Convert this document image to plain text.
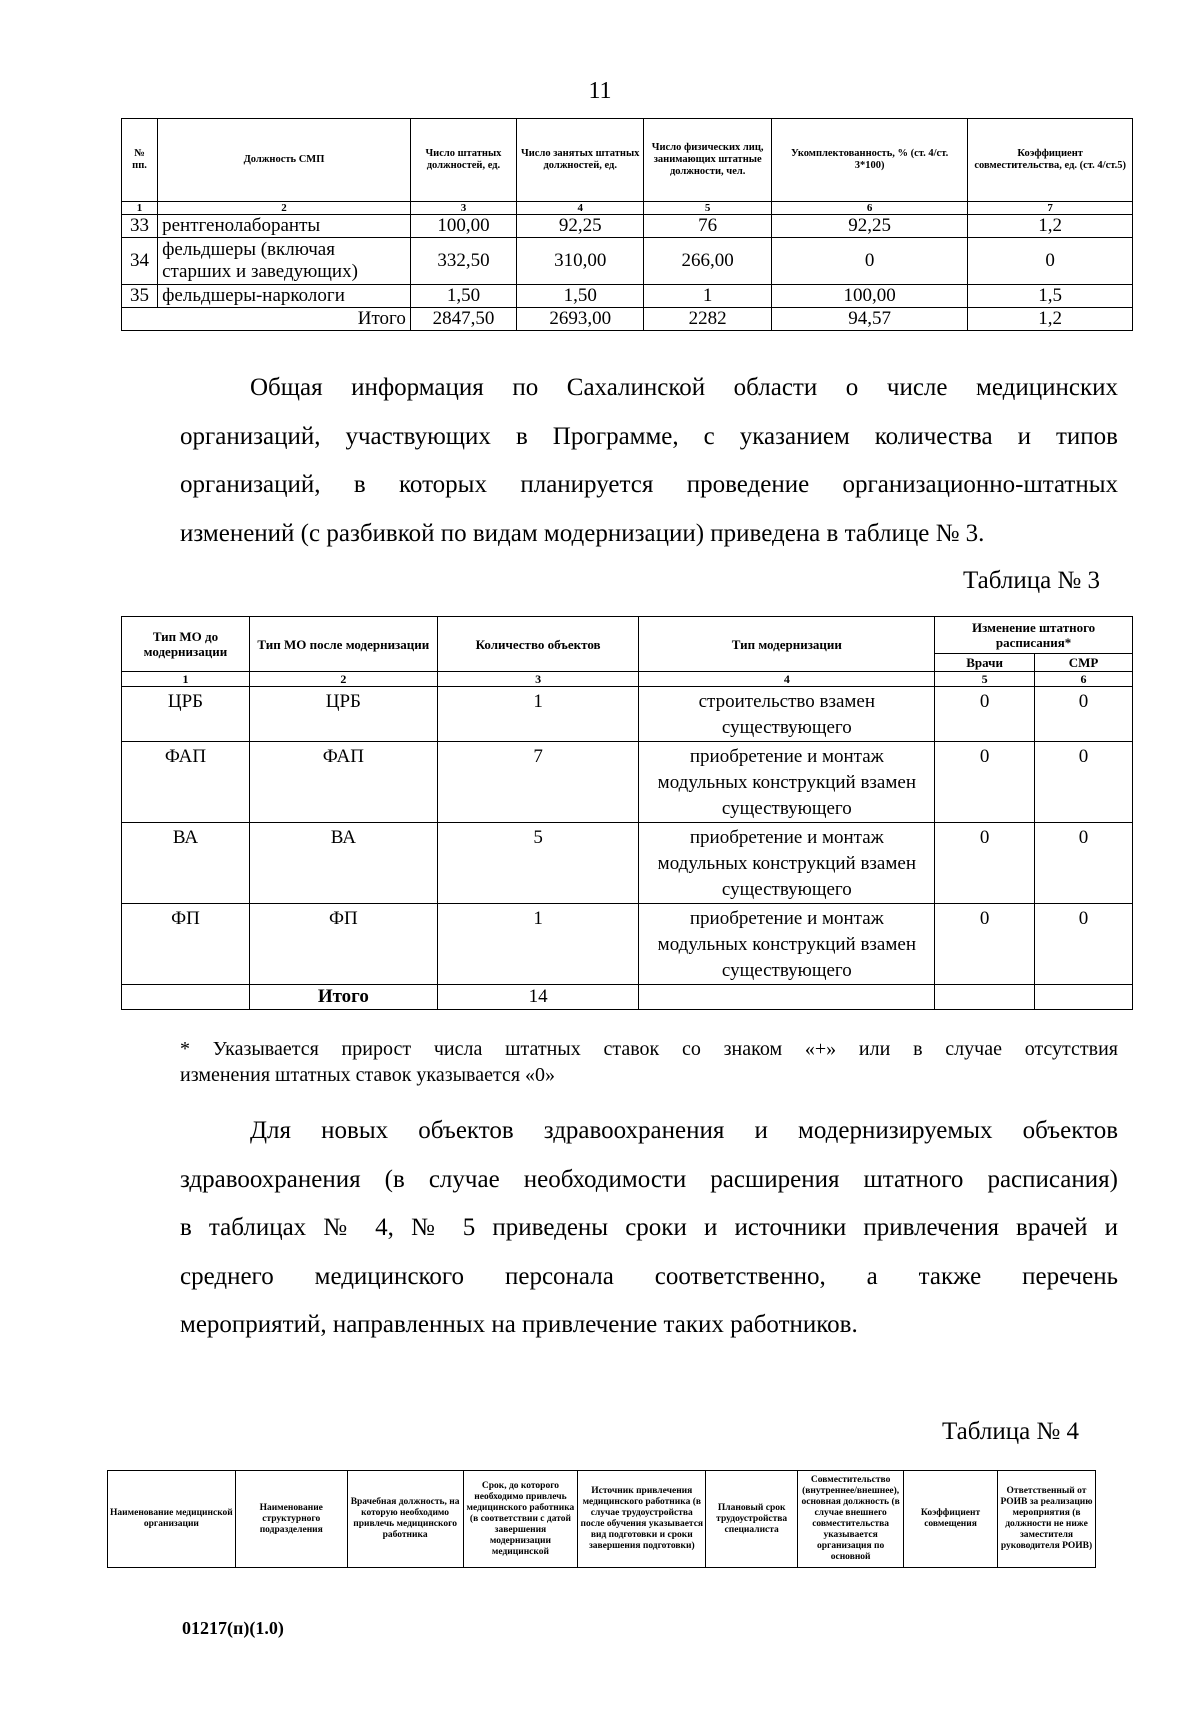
11
№ пп.	Должность СМП	Число штатных должностей, ед.	Число занятых штатных должностей, ед.	Число физических лиц, занимающих штатные должности, чел.	Укомплектованность, % (ст. 4/ст. 3*100)	Коэффициент совместительства, ед. (ст. 4/ст.5)
1	2	3	4	5	6	7
33	рентгенолаборанты	100,00	92,25	76	92,25	1,2
34	фельдшеры (включая старших и заведующих)	332,50	310,00	266,00	0	0
35	фельдшеры-наркологи	1,50	1,50	1	100,00	1,5
Итого		2847,50	2693,00	2282	94,57	1,2
Общая информация по Сахалинской области о числе медицинских
организаций, участвующих в Программе, с указанием количества и типов
организаций, в которых планируется проведение организационно-штатных
изменений (с разбивкой по видам модернизации) приведена в таблице № 3.
Таблица № 3
Тип МО до модернизации	Тип МО после модернизации	Количество объектов	Тип модернизации	Изменение штатного расписания*	
				Врачи	СМР
1	2	3	4	5	6
ЦРБ	ЦРБ	1	строительство взамен существующего	0	0
ФАП	ФАП	7	приобретение и монтаж модульных конструкций взамен существующего	0	0
ВА	ВА	5	приобретение и монтаж модульных конструкций взамен существующего	0	0
ФП	ФП	1	приобретение и монтаж модульных конструкций взамен существующего	0	0
	Итого	14			
* Указывается прирост числа штатных ставок со знаком «+» или в случае отсутствия
изменения штатных ставок указывается «0»
Для новых объектов здравоохранения и модернизируемых объектов
здравоохранения (в случае необходимости расширения штатного расписания)
в таблицах № 4, № 5 приведены сроки и источники привлечения врачей и
среднего медицинского персонала соответственно, а также перечень
мероприятий, направленных на привлечение таких работников.
Таблица № 4
Наименование медицинской организации	Наименование структурного подразделения	Врачебная должность, на которую необходимо привлечь медицинского работника	Срок, до которого необходимо привлечь медицинского работника (в соответствии с датой завершения модернизации медицинской	Источник привлечения медицинского работника (в случае трудоустройства после обучения указывается вид подготовки и сроки завершения подготовки)	Плановый срок трудоустройства специалиста	Совместительство (внутреннее/внешнее), основная должность (в случае внешнего совместительства указывается организация по основной	Коэффициент совмещения	Ответственный от РОИВ за реализацию мероприятия (в должности не ниже заместителя руководителя РОИВ)
01217(п)(1.0)
